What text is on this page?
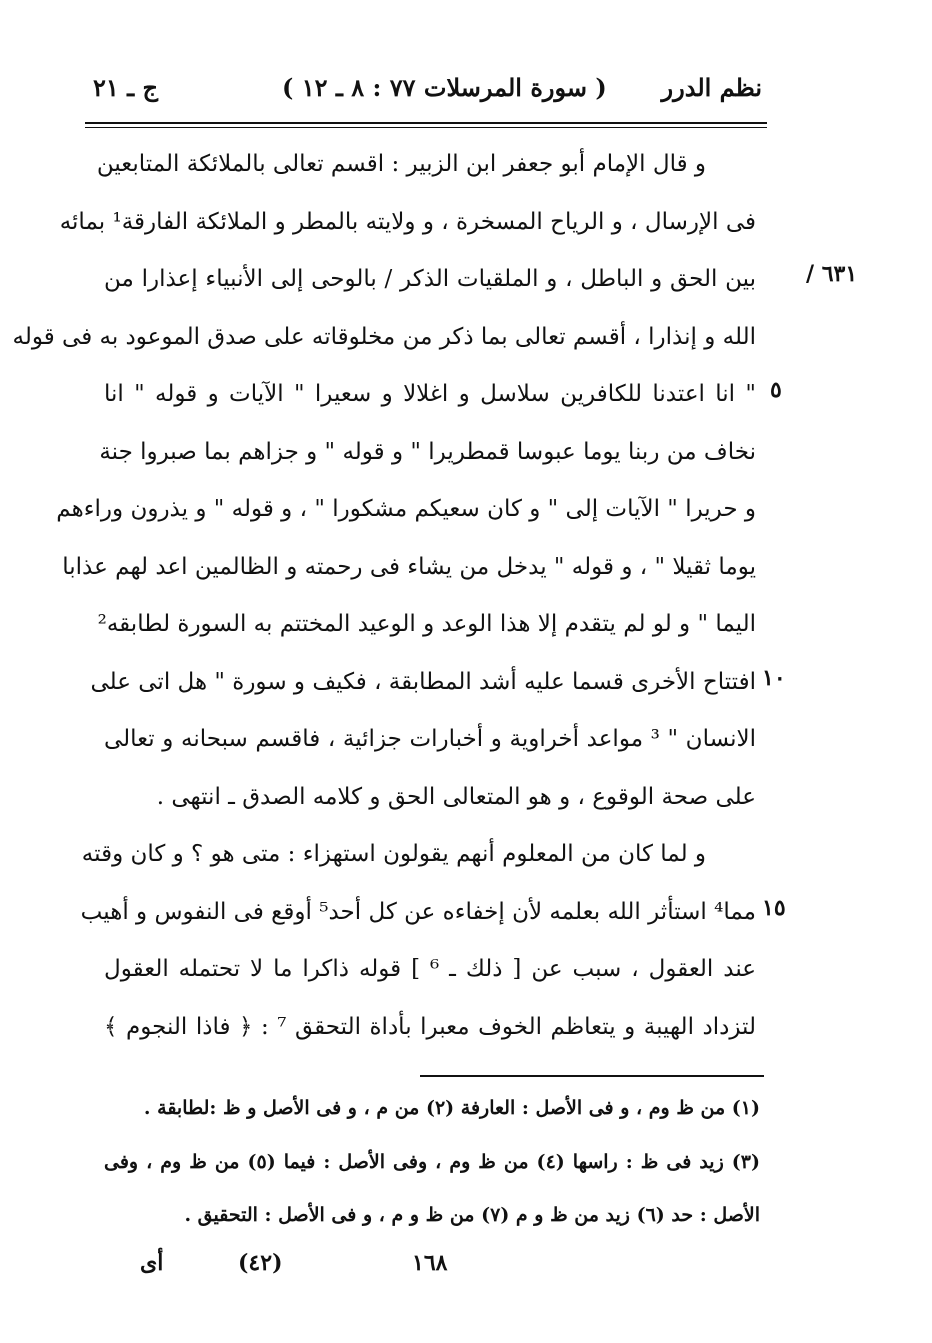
نظم الدرر
( سورة المرسلات ٧٧ : ٨ ـ ١٢ )
ج ـ ٢١
٦٣١ /
٥
١٠
١٥
و قال الإمام أبو جعفر ابن الزبير : اقسم تعالى بالملائكة المتابعين
فى الإرسال ، و الرياح المسخرة ، و ولايته بالمطر و الملائكة الفارقة¹ بمائه
بين الحق و الباطل ، و الملقيات الذكر / بالوحى إلى الأنبياء إعذارا من
الله و إنذارا ، أقسم تعالى بما ذكر من مخلوقاته على صدق الموعود به فى قوله
" انا اعتدنا للكافرين سلاسل و اغلالا و سعيرا " الآيات و قوله " انا
نخاف من ربنا يوما عبوسا قمطريرا " و قوله " و جزاهم بما صبروا جنة
و حريرا " الآيات إلى " و كان سعيكم مشكورا " ، و قوله " و يذرون وراءهم
يوما ثقيلا " ، و قوله " يدخل من يشاء فى رحمته و الظالمين اعد لهم عذابا
اليما " و لو لم يتقدم إلا هذا الوعد و الوعيد المختتم به السورة لطابقه²
افتتاح الأخرى قسما عليه أشد المطابقة ، فكيف و سورة " هل اتى على
الانسان " ³ مواعد أخراوية و أخبارات جزائية ، فاقسم سبحانه و تعالى
على صحة الوقوع ، و هو المتعالى الحق و كلامه الصدق ـ انتهى .
و لما كان من المعلوم أنهم يقولون استهزاء : متى هو ؟ و كان وقته
مما⁴ استأثر الله بعلمه لأن إخفاءه عن كل أحد⁵ أوقع فى النفوس و أهيب
عند العقول ، سبب عن [ ذلك ـ ⁶ ] قوله ذاكرا ما لا تحتمله العقول
لتزداد الهيبة و يتعاظم الخوف معبرا بأداة التحقق ⁷ : ﴿ فاذا النجوم ﴾
(١) من ظ وم ، و فى الأصل : العارفة (٢) من م ، و فى الأصل و ظ :لطابقة .
(٣) زيد فى ظ : راسها (٤) من ظ وم ، وفى الأصل : فيما (٥) من ظ وم ، وفى
الأصل : حد (٦) زيد من ظ و م (٧) من ظ و م ، و فى الأصل : التحقيق .
١٦٨
(٤٢)
أى
